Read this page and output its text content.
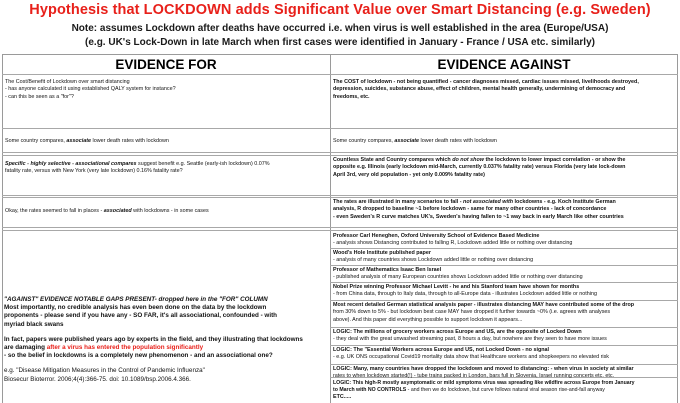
Hypothesis that LOCKDOWN adds Significant Value over Smart Distancing (e.g. Sweden)
Note: assumes Lockdown after deaths have occurred i.e. when virus is well established in the area (Europe/USA)
(e.g. UK's Lock-Down in late March when first cases were identified in January - France / USA etc. similarly)
EVIDENCE FOR	EVIDENCE AGAINST
The Cost/Benefit of Lockdown over smart distancing
- has anyone calculated it using established QALY system for instance?
- can this be seen as a "for"?
Some country compares, associate lower death rates with lockdown
Specific - highly selective - associational compares suggest benefit e.g. Seattle (early-ish lockdown) 0.07%
fatality rate, versus with New York (very late lockdown) 0.16% fatality rate?
Okay, the rates seemed to fall in places - associated with lockdowns - in some cases
"AGAINST" EVIDENCE NOTABLE GAPS PRESENT- dropped here in the "FOR" COLUMN
Most importantly, no credible analysis has even been done on the data by the lockdown
proponents - please send if you have any - SO FAR, it's all associational, confounded - with
myriad black swans
In fact, papers were published years ago by experts in the field, and they illustrating that lockdowns
are damaging after a virus has entered the population significantly
- so the belief in lockdowns is a completely new phenomenon - and an associational one?
e.g. "Disease Mitigation Measures in the Control of Pandemic Influenza"
Biosecur Bioterror. 2006;4(4):366-75. doi: 10.1089/bsp.2006.4.366.
The COST of lockdown - not being quantified - cancer diagnoses missed, cardiac issues missed, livelihoods destroyed,
depression, suicides, substance abuse, effect of children, mental health generally, undermining of democracy and
freedoms, etc.
Some country compares, associate lower death rates with lockdown
Countless State and Country compares which do not show the lockdown to lower impact correlation - or show the
opposite e.g. Illinois (early lockdown mid-March, currently 0.037% fatality rate) versus Florida (very late lock-down
April 3rd, very old population - yet only 0.009% fatality rate)
The rates are illustrated in many scenarios to fall - not associated with lockdowns - e.g. Koch Institute German
analysis, R dropped to baseline ~1 before lockdown - same for many other countries - lack of concordance
- even Sweden's R curve matches UK's, Sweden's having fallen to ~1 way back in early March like other countries
Professor Carl Heneghen, Oxford University School of Evidence Based Medicine
- analysis shows Distancing contributed to falling R, Lockdown added little or nothing over distancing
Wood's Hole Institute published paper
- analysis of many countries shows Lockdown added little or nothing over distancing
Professor of Mathematics Isaac Ben Israel
- published analysis of many European countries shows Lockdown added little or nothing over distancing
Nobel Prize winning Professor Michael Levitt - he and his Stanford team have shown for months
- from China data, through to Italy data, through to all-Europe data - illustrates Lockdown added little or nothing
Most recent detailed German statistical analysis paper - illustrates distancing MAY have contributed some of the drop
from 30% down to 5% - but lockdown best case MAY have dropped it further towards ~0% (i.e. agrees with analyses
above). And this paper did everything possible to support lockdown it appears...
LOGIC: The millions of grocery workers across Europe and US, are the opposite of Locked Down
- they deal with the great unwashed streaming past, 8 hours a day, but nowhere are they seen to have more issues
LOGIC: The "Essential Workers across Europe and US, not Locked Down - no signal
- e.g. UK ONS occupational Covid19 mortality data show that Healthcare workers and shopkeepers no elevated risk
LOGIC: Many, many countries have dropped the lockdown and moved to distancing: - when virus in society at similar
rates to when lockdown started(!) - tube trains packed in London, bars full in Slovenia, Israel running concerts etc. etc.
LOGIC: This high-R mostly asymptomatic or mild symptoms virus was spreading like wildfire across Europe from January
to March with NO CONTROLS - and then we do lockdown, but curve follows natural viral season rise-and-fall anyway
ETC.....
